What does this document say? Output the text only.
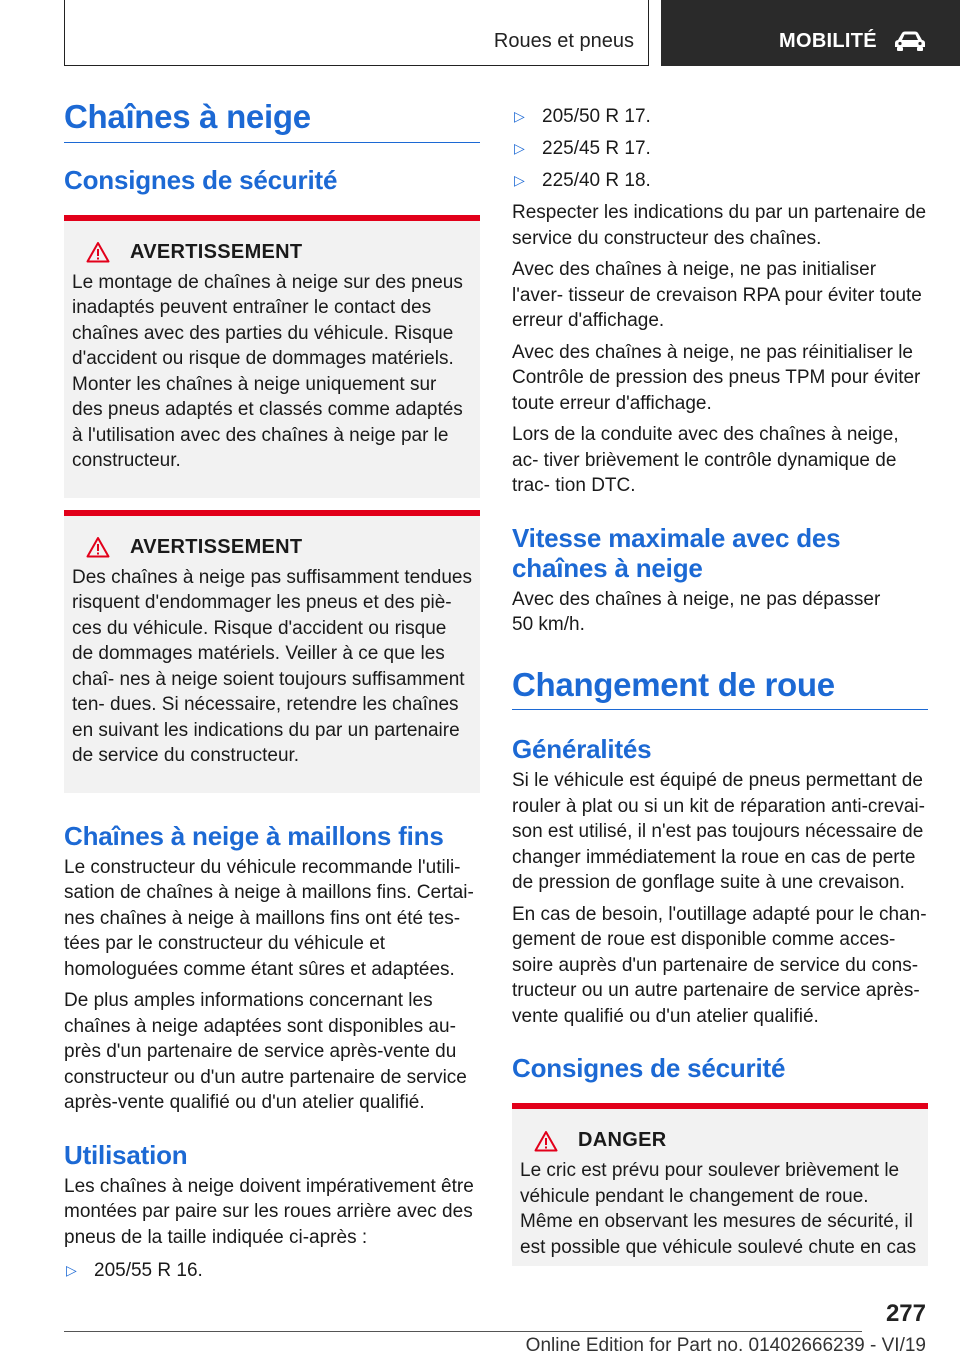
Roues et pneus	MOBILITÉ
Chaînes à neige
Consignes de sécurité
AVERTISSEMENT

Le montage de chaînes à neige sur des pneus inadaptés peuvent entraîner le contact des chaînes avec des parties du véhicule. Risque d'accident ou risque de dommages matériels. Monter les chaînes à neige uniquement sur des pneus adaptés et classés comme adaptés à l'utilisation avec des chaînes à neige par le constructeur.

AVERTISSEMENT

Des chaînes à neige pas suffisamment tendues risquent d'endommager les pneus et des piè- ces du véhicule. Risque d'accident ou risque de dommages matériels. Veiller à ce que les chaî- nes à neige soient toujours suffisamment ten- dues. Si nécessaire, retendre les chaînes en suivant les indications du par un partenaire de service du constructeur.

Chaînes à neige à maillons fins

Le constructeur du véhicule recommande l'utili- sation de chaînes à neige à maillons fins. Certai- nes chaînes à neige à maillons fins ont été tes- tées par le constructeur du véhicule et homologuées comme étant sûres et adaptées.

De plus amples informations concernant les chaînes à neige adaptées sont disponibles au- près d'un partenaire de service après-vente du constructeur ou d'un autre partenaire de service après-vente qualifié ou d'un atelier qualifié.

Utilisation

Les chaînes à neige doivent impérativement être montées par paire sur les roues arrière avec des pneus de la taille indiquée ci-après :

▷ 205/55 R 16.
▷ 205/50 R 17.
▷ 225/45 R 17.
▷ 225/40 R 18.

Respecter les indications du par un partenaire de service du constructeur des chaînes.

Avec des chaînes à neige, ne pas initialiser l'aver- tisseur de crevaison RPA pour éviter toute erreur d'affichage.

Avec des chaînes à neige, ne pas réinitialiser le Contrôle de pression des pneus TPM pour éviter toute erreur d'affichage.

Lors de la conduite avec des chaînes à neige, ac- tiver brièvement le contrôle dynamique de trac- tion DTC.

Vitesse maximale avec des chaînes à neige

Avec des chaînes à neige, ne pas dépasser 50 km/h.

Changement de roue
Généralités

Si le véhicule est équipé de pneus permettant de rouler à plat ou si un kit de réparation anti-crevai- son est utilisé, il n'est pas toujours nécessaire de changer immédiatement la roue en cas de perte de pression de gonflage suite à une crevaison.

En cas de besoin, l'outillage adapté pour le chan- gement de roue est disponible comme acces- soire auprès d'un partenaire de service du cons- tructeur ou un autre partenaire de service après- vente qualifié ou d'un atelier qualifié.

Consignes de sécurité
DANGER

Le cric est prévu pour soulever brièvement le véhicule pendant le changement de roue. Même en observant les mesures de sécurité, il est possible que véhicule soulevé chute en cas

277
Online Edition for Part no. 01402666239 - VI/19
